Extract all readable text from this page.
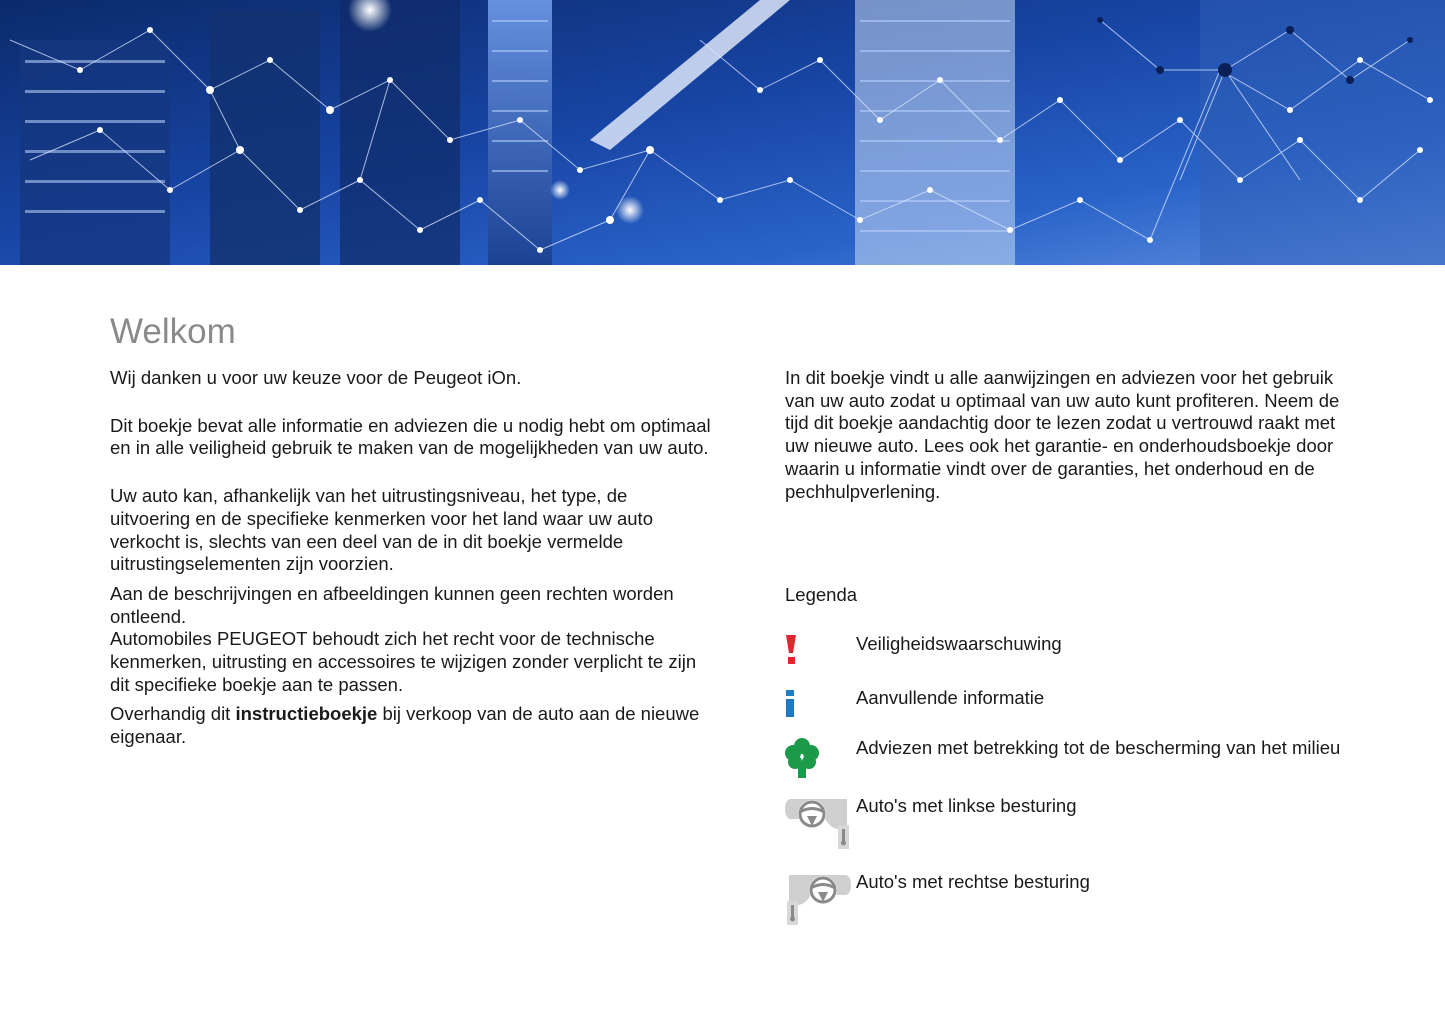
Welkom

Wij danken u voor uw keuze voor de Peugeot iOn.

Dit boekje bevat alle informatie en adviezen die u nodig hebt om optimaal
en in alle veiligheid gebruik te maken van de mogelijkheden van uw auto.

Uw auto kan, afhankelijk van het uitrustingsniveau, het type, de
uitvoering en de specifieke kenmerken voor het land waar uw auto
verkocht is, slechts van een deel van de in dit boekje vermelde
uitrustingselementen zijn voorzien.

Aan de beschrijvingen en afbeeldingen kunnen geen rechten worden
ontleend.
Automobiles PEUGEOT behoudt zich het recht voor de technische
kenmerken, uitrusting en accessoires te wijzigen zonder verplicht te zijn
dit specifieke boekje aan te passen.

Overhandig dit instructieboekje bij verkoop van de auto aan de nieuwe
eigenaar.

In dit boekje vindt u alle aanwijzingen en adviezen voor het gebruik
van uw auto zodat u optimaal van uw auto kunt profiteren. Neem de
tijd dit boekje aandachtig door te lezen zodat u vertrouwd raakt met
uw nieuwe auto. Lees ook het garantie- en onderhoudsboekje door
waarin u informatie vindt over de garanties, het onderhoud en de
pechhulpverlening.

Legenda
Veiligheidswaarschuwing
Aanvullende informatie
Adviezen met betrekking tot de bescherming van het milieu
Auto's met linkse besturing
Auto's met rechtse besturing
